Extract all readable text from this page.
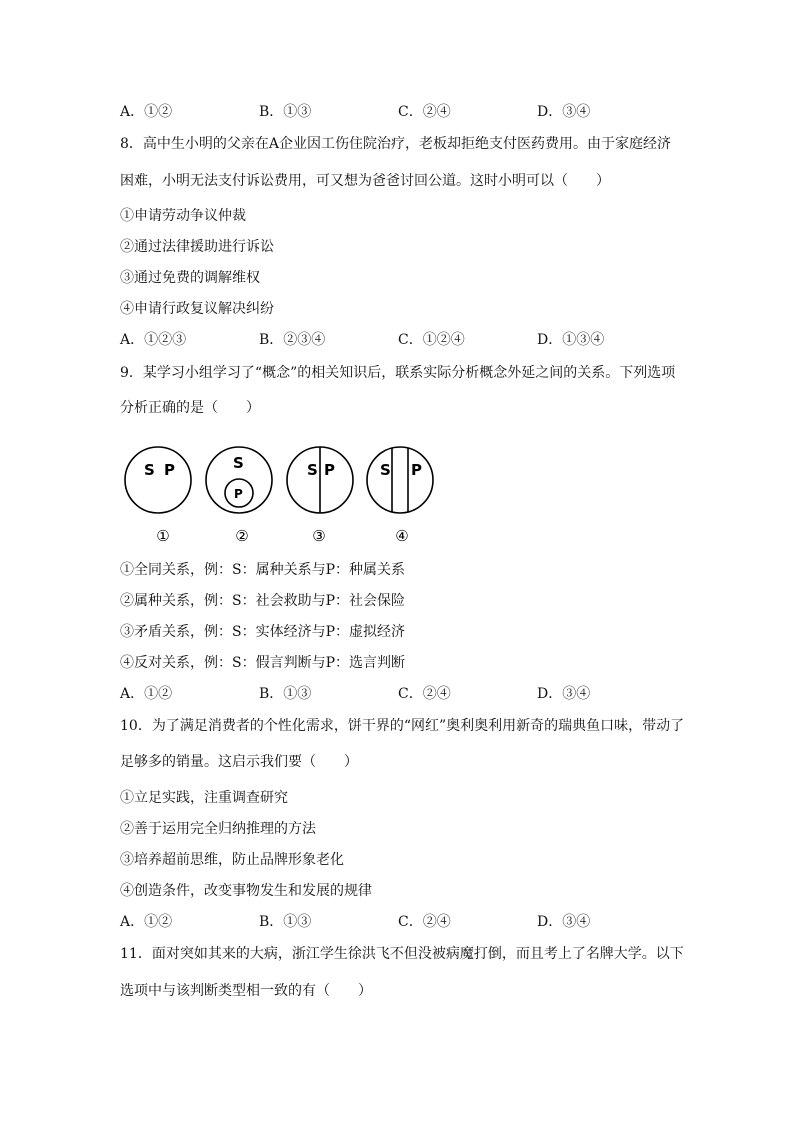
A．①②	B．①③	C．②④	D．③④
8．高中生小明的父亲在A企业因工伤住院治疗，老板却拒绝支付医药费用。由于家庭经济
困难，小明无法支付诉讼费用，可又想为爸爸讨回公道。这时小明可以（　　）
①申请劳动争议仲裁
②通过法律援助进行诉讼
③通过免费的调解维权
④申请行政复议解决纠纷
A．①②③	B．②③④	C．①②④	D．①③④
9．某学习小组学习了“概念”的相关知识后，联系实际分析概念外延之间的关系。下列选项
分析正确的是（　　）
S P	S
P
S P	S P
①	②	③	④
①全同关系，例：S：属种关系与P：种属关系
②属种关系，例：S：社会救助与P：社会保险
③矛盾关系，例：S：实体经济与P：虚拟经济
④反对关系，例：S：假言判断与P：选言判断
A．①②	B．①③	C．②④	D．③④
10．为了满足消费者的个性化需求，饼干界的“网红”奥利奥利用新奇的瑞典鱼口味，带动了
足够多的销量。这启示我们要（　　）
①立足实践，注重调查研究
②善于运用完全归纳推理的方法
③培养超前思维，防止品牌形象老化
④创造条件，改变事物发生和发展的规律
A．①②	B．①③	C．②④	D．③④
11．面对突如其来的大病，浙江学生徐洪飞不但没被病魔打倒，而且考上了名牌大学。以下
选项中与该判断类型相一致的有（　　）
